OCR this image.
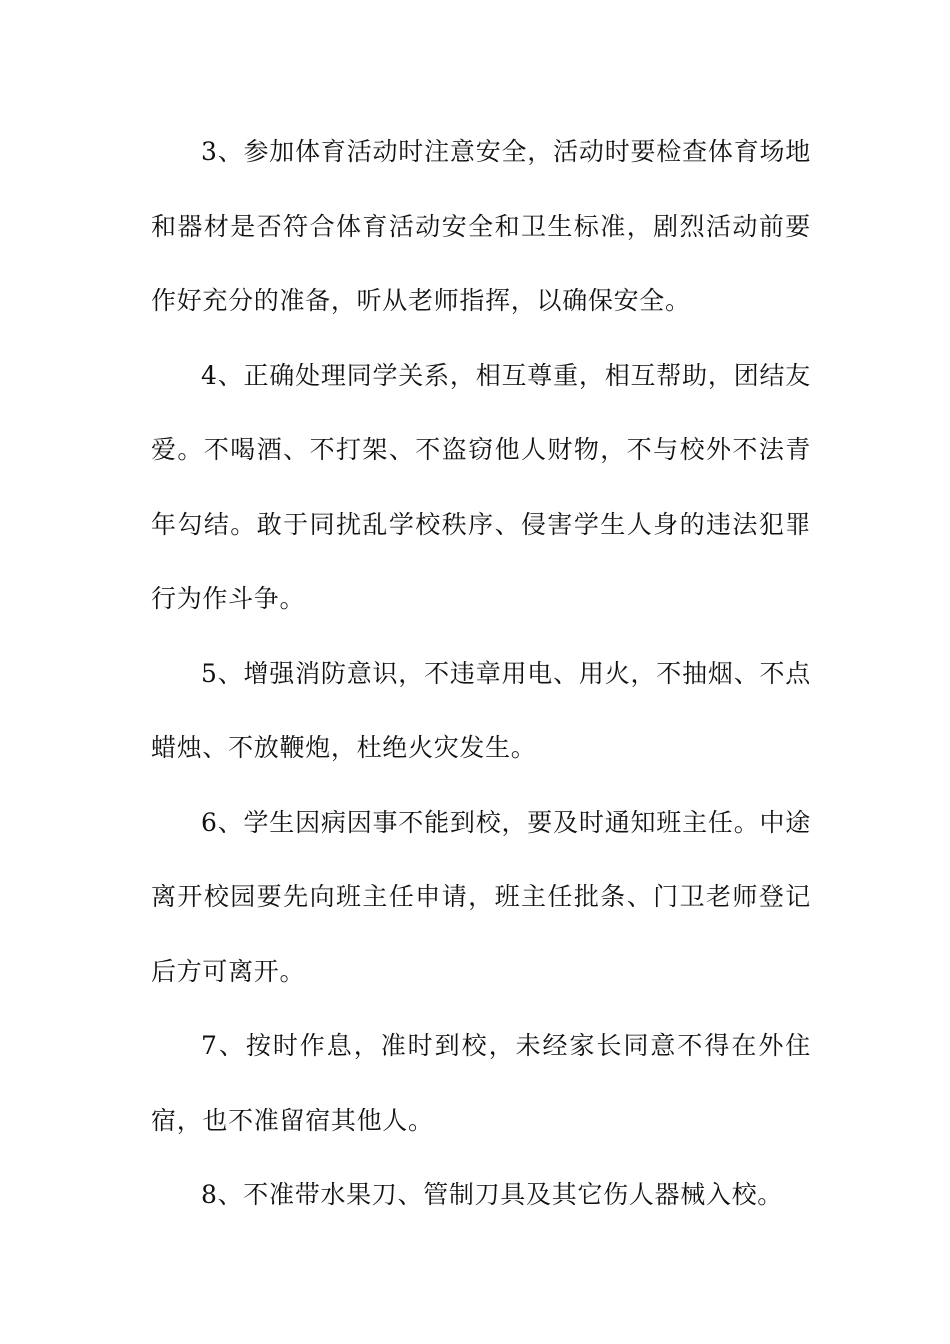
3、参加体育活动时注意安全，活动时要检查体育场地和器材是否符合体育活动安全和卫生标准，剧烈活动前要作好充分的准备，听从老师指挥，以确保安全。

4、正确处理同学关系，相互尊重，相互帮助，团结友爱。不喝酒、不打架、不盗窃他人财物，不与校外不法青年勾结。敢于同扰乱学校秩序、侵害学生人身的违法犯罪行为作斗争。

5、增强消防意识，不违章用电、用火，不抽烟、不点蜡烛、不放鞭炮，杜绝火灾发生。

6、学生因病因事不能到校，要及时通知班主任。中途离开校园要先向班主任申请，班主任批条、门卫老师登记后方可离开。

7、按时作息，准时到校，未经家长同意不得在外住宿，也不准留宿其他人。

8、不准带水果刀、管制刀具及其它伤人器械入校。
